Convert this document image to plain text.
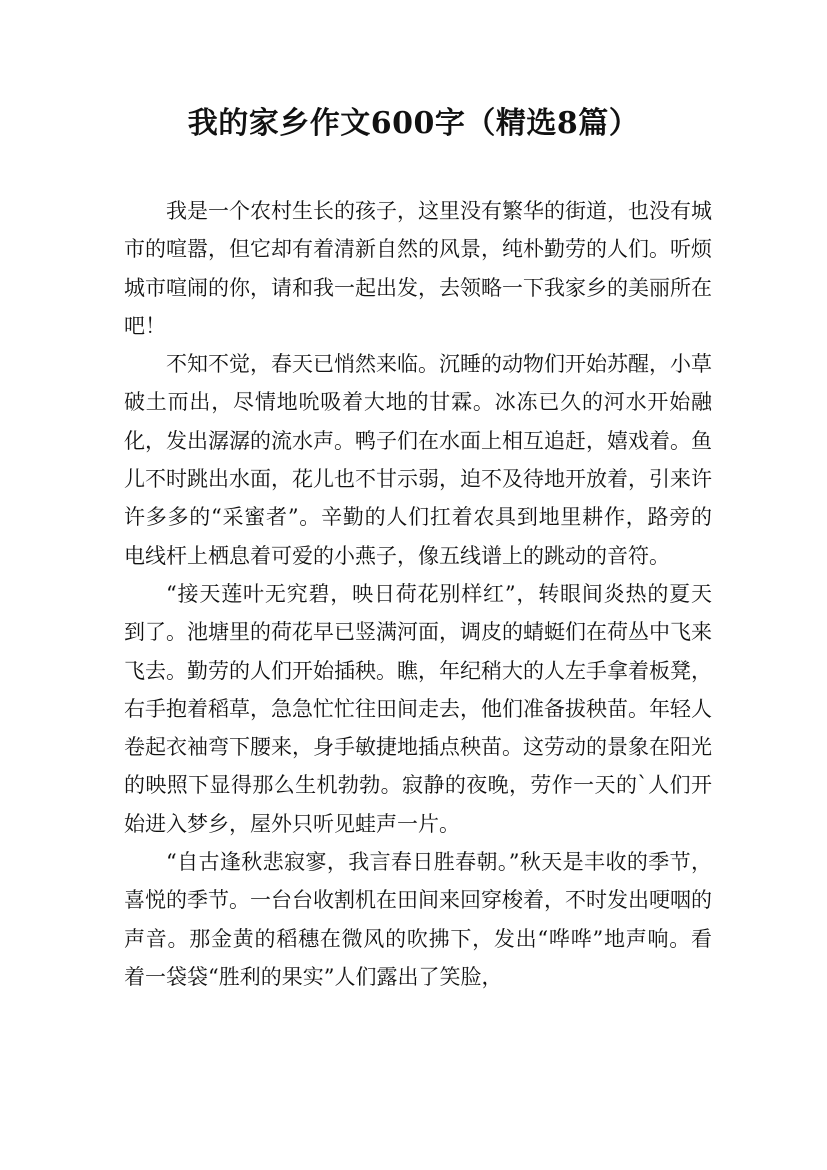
我的家乡作文600字（精选8篇）

我是一个农村生长的孩子，这里没有繁华的街道，也没有城市的喧嚣，但它却有着清新自然的风景，纯朴勤劳的人们。听烦城市喧闹的你，请和我一起出发，去领略一下我家乡的美丽所在吧！

不知不觉，春天已悄然来临。沉睡的动物们开始苏醒，小草破土而出，尽情地吮吸着大地的甘霖。冰冻已久的河水开始融化，发出潺潺的流水声。鸭子们在水面上相互追赶，嬉戏着。鱼儿不时跳出水面，花儿也不甘示弱，迫不及待地开放着，引来许许多多的“采蜜者”。辛勤的人们扛着农具到地里耕作，路旁的电线杆上栖息着可爱的小燕子，像五线谱上的跳动的音符。

“接天莲叶无究碧，映日荷花别样红”，转眼间炎热的夏天到了。池塘里的荷花早已竖满河面，调皮的蜻蜓们在荷丛中飞来飞去。勤劳的人们开始插秧。瞧，年纪稍大的人左手拿着板凳，右手抱着稻草，急急忙忙往田间走去，他们准备拔秧苗。年轻人卷起衣袖弯下腰来，身手敏捷地插点秧苗。这劳动的景象在阳光的映照下显得那么生机勃勃。寂静的夜晚，劳作一天的`人们开始进入梦乡，屋外只听见蛙声一片。

“自古逢秋悲寂寥，我言春日胜春朝。”秋天是丰收的季节，喜悦的季节。一台台收割机在田间来回穿梭着，不时发出哽咽的声音。那金黄的稻穗在微风的吹拂下，发出“哗哗”地声响。看着一袋袋“胜利的果实”人们露出了笑脸，
